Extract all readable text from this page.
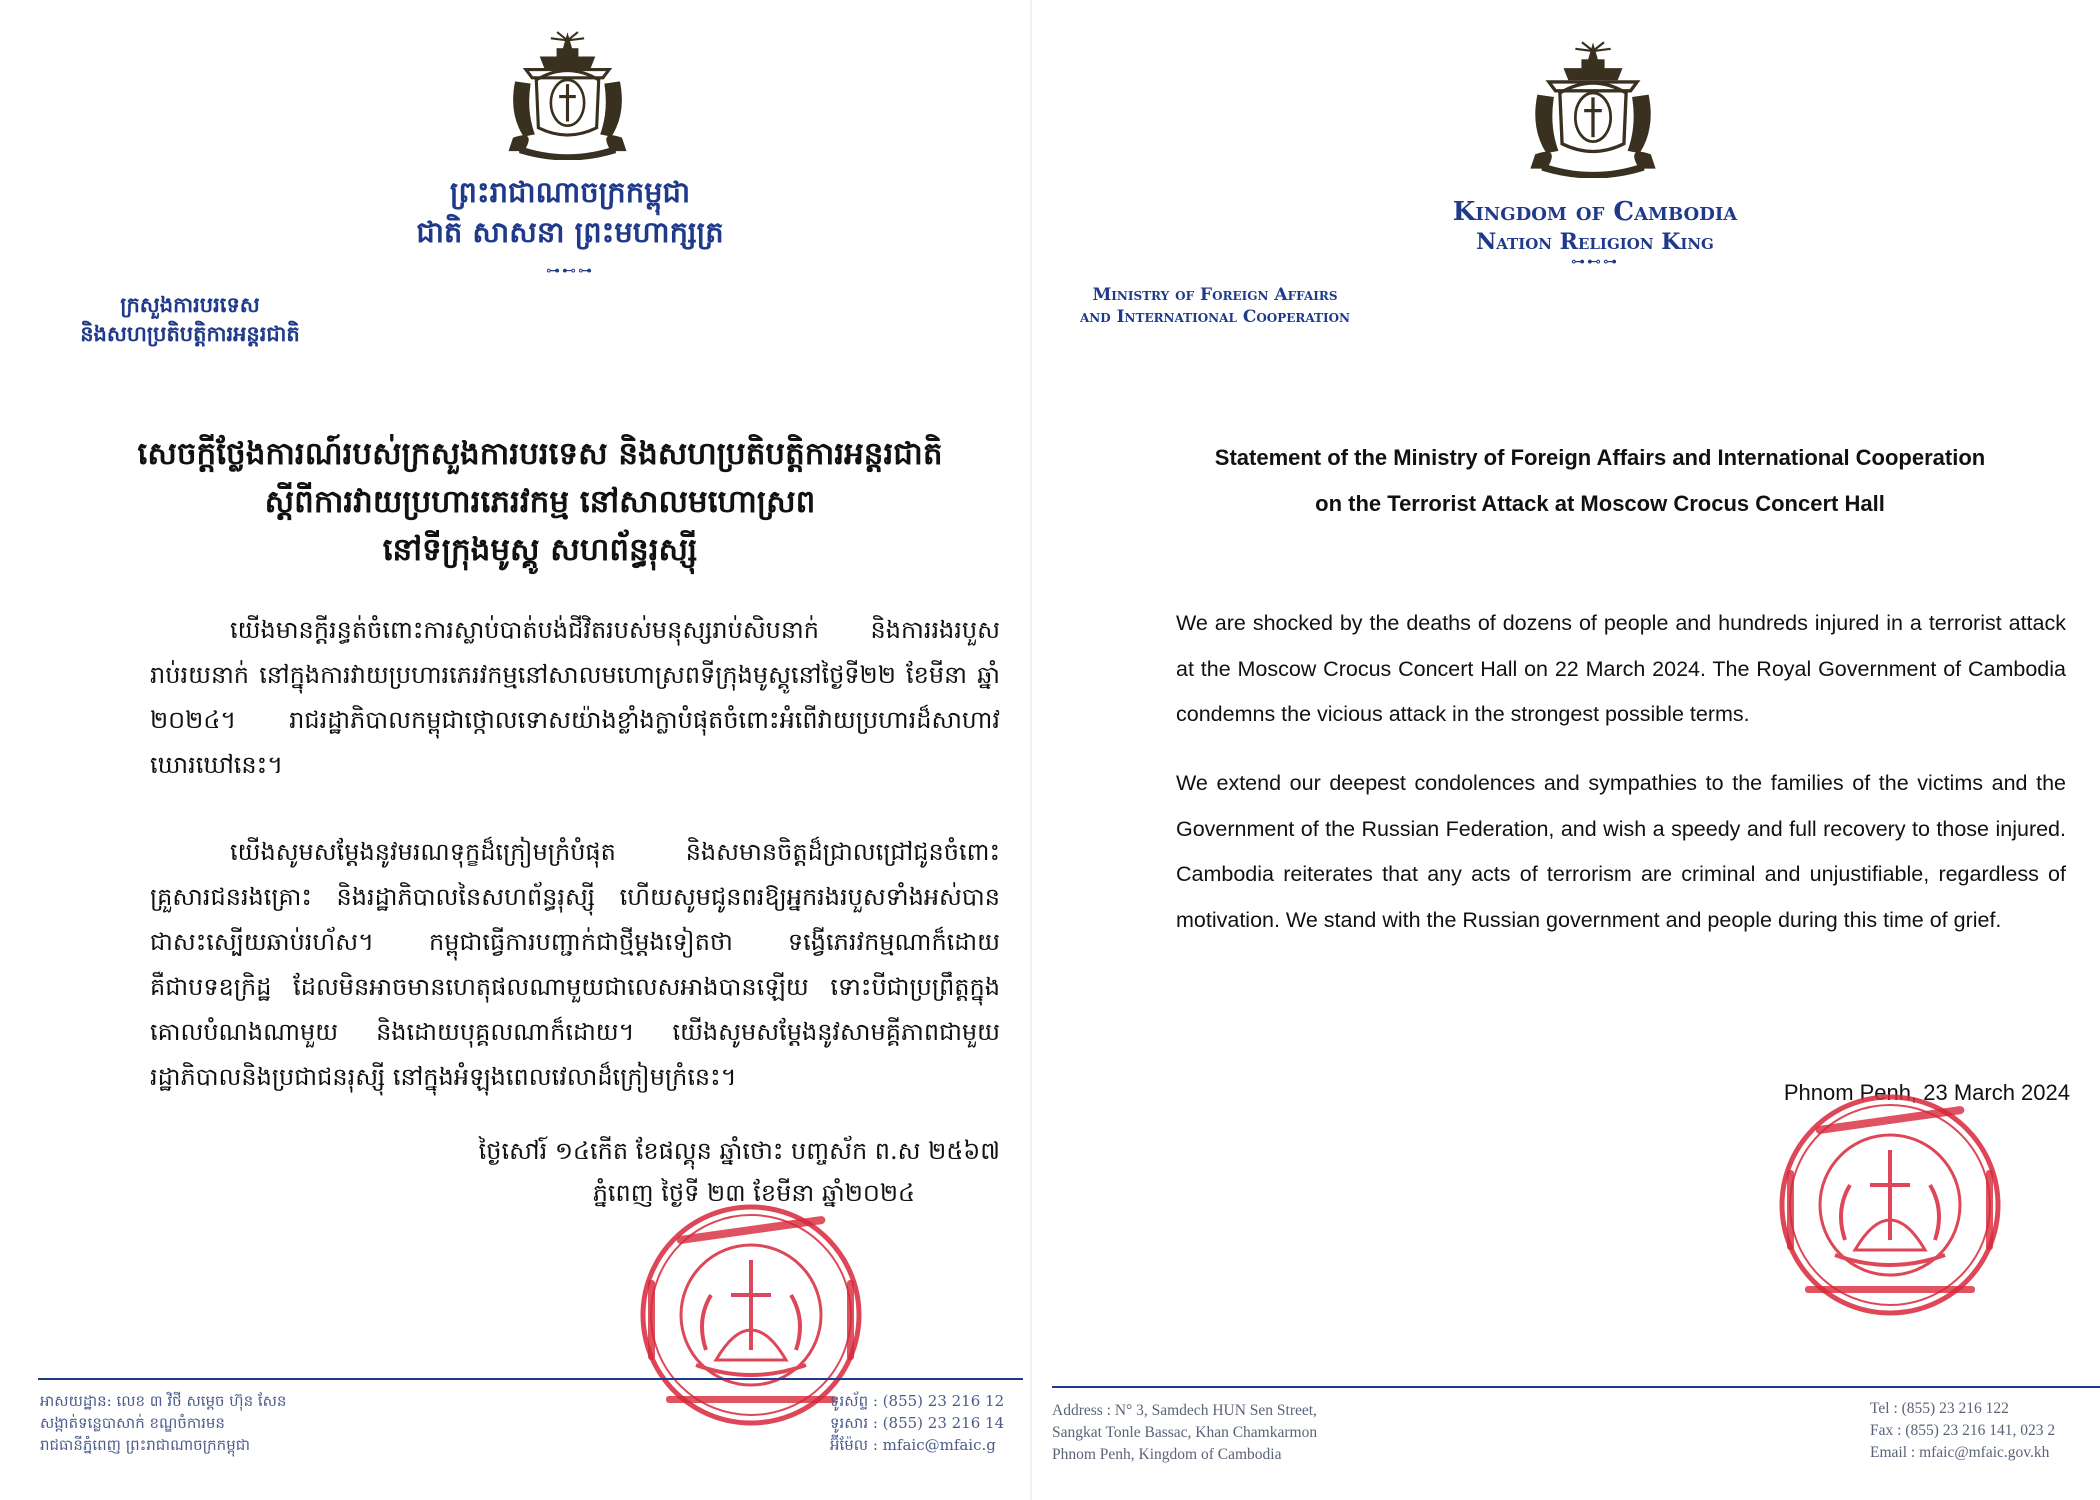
ព្រះរាជាណាចក្រកម្ពុជា
ជាតិ សាសនា ព្រះមហាក្សត្រ
⊶⊷⊶
ក្រសួងការបរទេស
និងសហប្រតិបត្តិការអន្តរជាតិ
សេចក្តីថ្លែងការណ៍របស់ក្រសួងការបរទេស និងសហប្រតិបត្តិការអន្តរជាតិ
ស្តីពីការវាយប្រហារភេរវកម្ម នៅសាលមហោស្រព
នៅទីក្រុងមូស្គូ សហព័ន្ធរុស្ស៊ី

យើងមានក្តីរន្ធត់ចំពោះការស្លាប់បាត់បង់ជីវិតរបស់មនុស្សរាប់សិបនាក់ និងការរងរបួសរាប់រយនាក់ នៅក្នុងការវាយប្រហារភេរវកម្មនៅសាលមហោស្រពទីក្រុងមូស្គូនៅថ្ងៃទី២២ ខែមីនា ឆ្នាំ ២០២៤។ រាជរដ្ឋាភិបាលកម្ពុជាថ្កោលទោសយ៉ាងខ្លាំងក្លាបំផុតចំពោះអំពើវាយប្រហារដ៏សាហាវឃោរឃៅនេះ។

យើងសូមសម្តែងនូវមរណទុក្ខដ៏ក្រៀមក្រំបំផុត និងសមានចិត្តដ៏ជ្រាលជ្រៅជូនចំពោះគ្រួសារជនរងគ្រោះ និងរដ្ឋាភិបាលនៃសហព័ន្ធរុស្ស៊ី ហើយសូមជូនពរឱ្យអ្នករងរបួសទាំងអស់បានជាសះស្បើយឆាប់រហ័ស។ កម្ពុជាធ្វើការបញ្ជាក់ជាថ្មីម្តងទៀតថា ទង្វើភេរវកម្មណាក៏ដោយគឺជាបទឧក្រិដ្ឋ ដែលមិនអាចមានហេតុផលណាមួយជាលេសអាងបានឡើយ ទោះបីជាប្រព្រឹត្តក្នុងគោលបំណងណាមួយ និងដោយបុគ្គលណាក៏ដោយ។ យើងសូមសម្តែងនូវសាមគ្គីភាពជាមួយរដ្ឋាភិបាលនិងប្រជាជនរុស្ស៊ី នៅក្នុងអំឡុងពេលវេលាដ៏ក្រៀមក្រំនេះ។

ថ្ងៃសៅរ៍ ១៤កើត ខែផល្គុន ឆ្នាំថោះ បញ្ចស័ក ព.ស ២៥៦៧
ភ្នំពេញ ថ្ងៃទី ២៣ ខែមីនា ឆ្នាំ២០២៤
អាសយដ្ឋាន: លេខ ៣ វិថី សម្តេច ហ៊ុន សែន
សង្កាត់ទន្លេបាសាក់ ខណ្ឌចំការមន
រាជធានីភ្នំពេញ ព្រះរាជាណាចក្រកម្ពុជា
ទូរស័ព្ទ : (855) 23 216 12
ទូរសារ : (855) 23 216 14
អ៊ីម៉ែល : mfaic@mfaic.g
Kingdom of Cambodia
Nation Religion King
⊶⊷⊶
Ministry of Foreign Affairs
and International Cooperation
Statement of the Ministry of Foreign Affairs and International Cooperation
on the Terrorist Attack at Moscow Crocus Concert Hall

We are shocked by the deaths of dozens of people and hundreds injured in a terrorist attack at the Moscow Crocus Concert Hall on 22 March 2024. The Royal Government of Cambodia condemns the vicious attack in the strongest possible terms.

We extend our deepest condolences and sympathies to the families of the victims and the Government of the Russian Federation, and wish a speedy and full recovery to those injured. Cambodia reiterates that any acts of terrorism are criminal and unjustifiable, regardless of motivation. We stand with the Russian government and people during this time of grief.

Phnom Penh, 23 March 2024
Address : N° 3, Samdech HUN Sen Street,
Sangkat Tonle Bassac, Khan Chamkarmon
Phnom Penh, Kingdom of Cambodia
Tel : (855) 23 216 122
Fax : (855) 23 216 141, 023 2
Email : mfaic@mfaic.gov.kh
